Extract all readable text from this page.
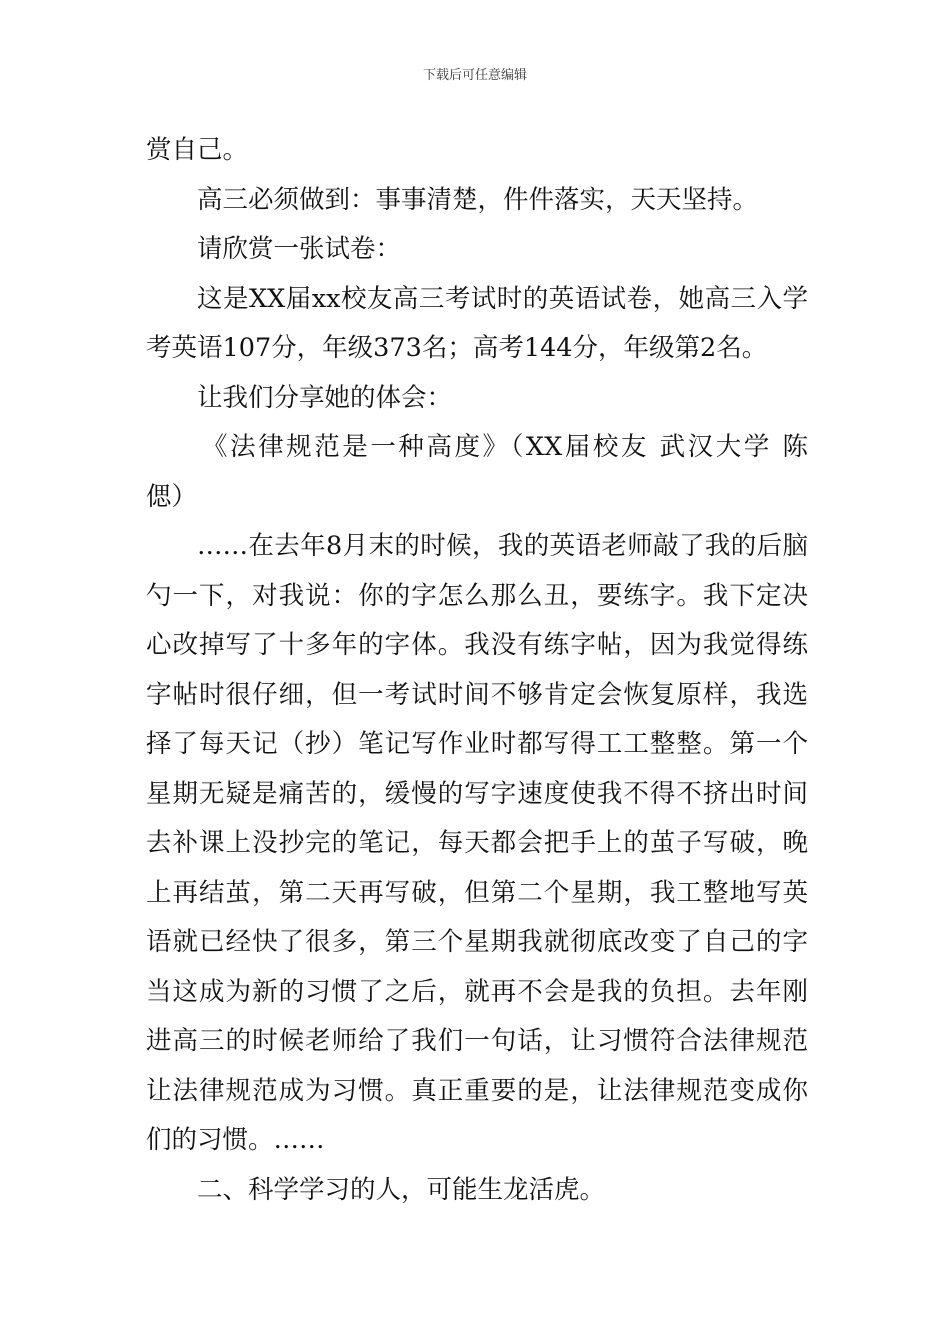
下载后可任意编辑
赏自己。
高三必须做到：事事清楚，件件落实，天天坚持。
请欣赏一张试卷：
这是XX届xx校友高三考试时的英语试卷，她高三入学
考英语107分，年级373名；高考144分，年级第2名。
让我们分享她的体会：
《法律规范是一种高度》（XX届校友 武汉大学 陈
偲）
……在去年8月末的时候，我的英语老师敲了我的后脑
勺一下，对我说：你的字怎么那么丑，要练字。我下定决
心改掉写了十多年的字体。我没有练字帖，因为我觉得练
字帖时很仔细，但一考试时间不够肯定会恢复原样，我选
择了每天记（抄）笔记写作业时都写得工工整整。第一个
星期无疑是痛苦的，缓慢的写字速度使我不得不挤出时间
去补课上没抄完的笔记，每天都会把手上的茧子写破，晚
上再结茧，第二天再写破，但第二个星期，我工整地写英
语就已经快了很多，第三个星期我就彻底改变了自己的字
当这成为新的习惯了之后，就再不会是我的负担。去年刚
进高三的时候老师给了我们一句话，让习惯符合法律规范
让法律规范成为习惯。真正重要的是，让法律规范变成你
们的习惯。……
二、科学学习的人，可能生龙活虎。
